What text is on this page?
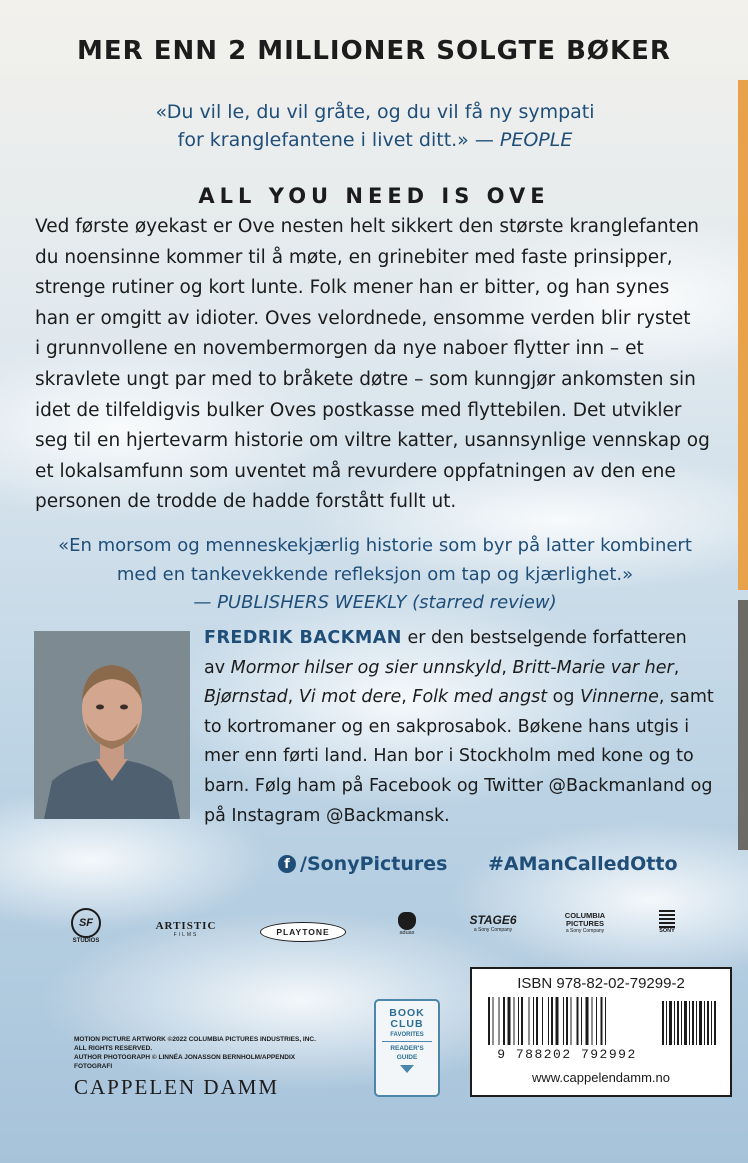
MER ENN 2 MILLIONER SOLGTE BØKER
«Du vil le, du vil gråte, og du vil få ny sympati
for kranglefantene i livet ditt.» — PEOPLE
ALL YOU NEED IS OVE
Ved første øyekast er Ove nesten helt sikkert den største kranglefanten
du noensinne kommer til å møte, en grinebiter med faste prinsipper,
strenge rutiner og kort lunte. Folk mener han er bitter, og han synes
han er omgitt av idioter. Oves velordnede, ensomme verden blir rystet
i grunnvollene en novembermorgen da nye naboer flytter inn – et
skravlete ungt par med to bråkete døtre – som kunngjør ankomsten sin
idet de tilfeldigvis bulker Oves postkasse med flyttebilen. Det utvikler
seg til en hjertevarm historie om viltre katter, usannsynlige vennskap og
et lokalsamfunn som uventet må revurdere oppfatningen av den ene
personen de trodde de hadde forstått fullt ut.
«En morsom og menneskekjærlig historie som byr på latter kombinert
med en tankevekkende refleksjon om tap og kjærlighet.»
— PUBLISHERS WEEKLY (starred review)
FREDRIK BACKMAN er den bestselgende forfatteren
av Mormor hilser og sier unnskyld, Britt-Marie var her,
Bjørnstad, Vi mot dere, Folk med angst og Vinnerne, samt
to kortromaner og en sakprosabok. Bøkene hans utgis i
mer enn førti land. Han bor i Stockholm med kone og to
barn. Følg ham på Facebook og Twitter @Backmanland og
på Instagram @Backmansk.
f /SonyPictures #AManCalledOtto
SF
STUDIOS
ARTISTIC
FILMS	PLAYTONE	aduax
STAGE6
a Sony Company
COLUMBIA
PICTURES
a Sony Company	SONY
BOOK
CLUB
FAVORITES
READER'S
GUIDE
ISBN 978-82-02-79299-2
9 788202 792992
www.cappelendamm.no
MOTION PICTURE ARTWORK ©2022 COLUMBIA PICTURES INDUSTRIES, INC.
ALL RIGHTS RESERVED.
AUTHOR PHOTOGRAPH © LINNÉA JONASSON BERNHOLM/APPENDIX FOTOGRAFI
CAPPELEN DAMM
